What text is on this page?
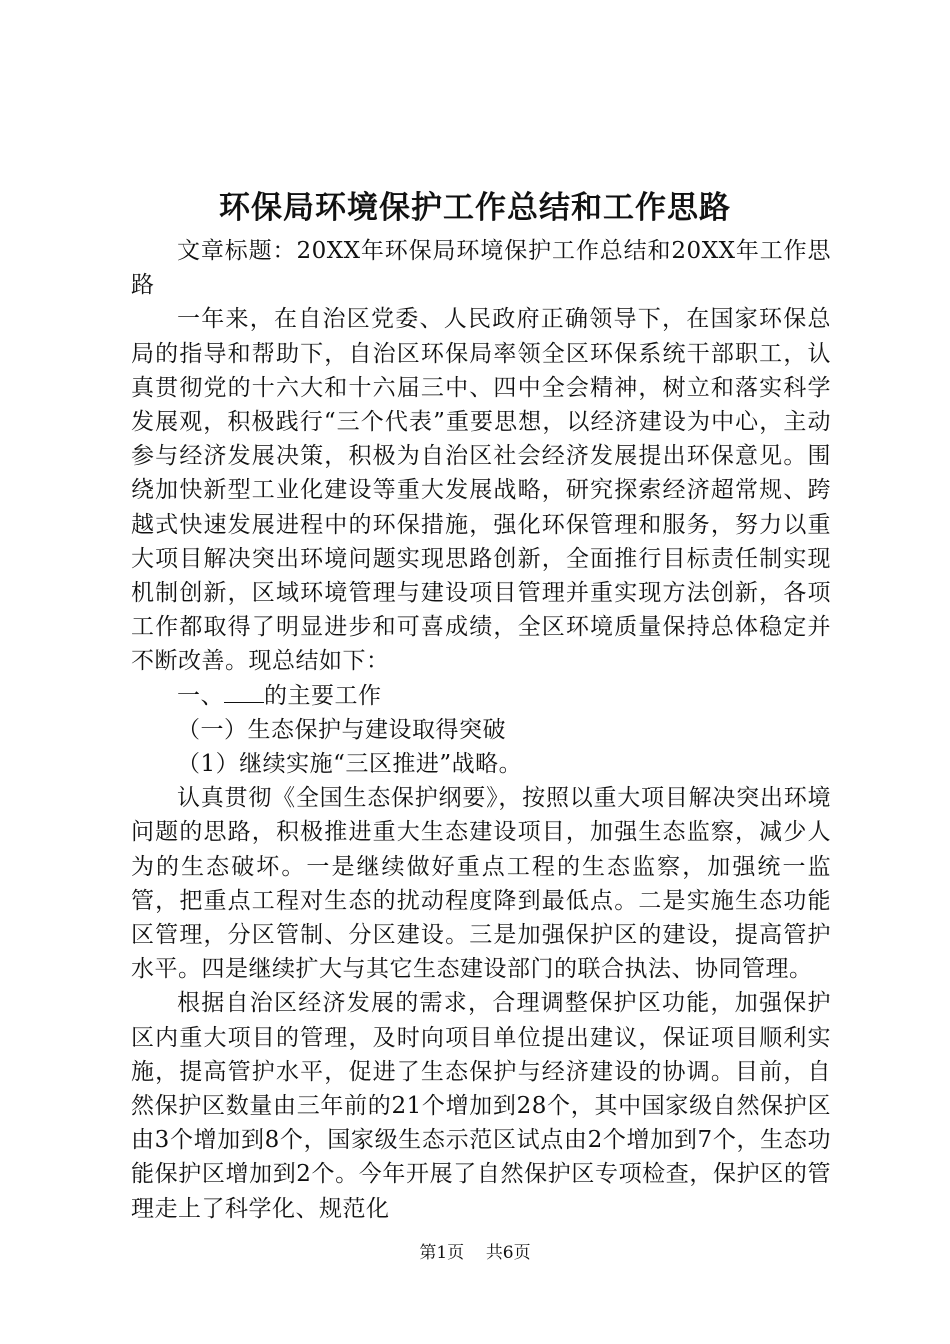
环保局环境保护工作总结和工作思路

文章标题：20XX年环保局环境保护工作总结和20XX年工作思路

一年来，在自治区党委、人民政府正确领导下，在国家环保总局的指导和帮助下，自治区环保局率领全区环保系统干部职工，认真贯彻党的十六大和十六届三中、四中全会精神，树立和落实科学发展观，积极践行“三个代表”重要思想，以经济建设为中心，主动参与经济发展决策，积极为自治区社会经济发展提出环保意见。围绕加快新型工业化建设等重大发展战略，研究探索经济超常规、跨越式快速发展进程中的环保措施，强化环保管理和服务，努力以重大项目解决突出环境问题实现思路创新，全面推行目标责任制实现机制创新，区域环境管理与建设项目管理并重实现方法创新，各项工作都取得了明显进步和可喜成绩，全区环境质量保持总体稳定并不断改善。现总结如下：

一、 的主要工作

（一）生态保护与建设取得突破

（1）继续实施“三区推进”战略。

认真贯彻《全国生态保护纲要》，按照以重大项目解决突出环境问题的思路，积极推进重大生态建设项目，加强生态监察，减少人为的生态破坏。一是继续做好重点工程的生态监察，加强统一监管，把重点工程对生态的扰动程度降到最低点。二是实施生态功能区管理，分区管制、分区建设。三是加强保护区的建设，提高管护水平。四是继续扩大与其它生态建设部门的联合执法、协同管理。

根据自治区经济发展的需求，合理调整保护区功能，加强保护区内重大项目的管理，及时向项目单位提出建议，保证项目顺利实施，提高管护水平，促进了生态保护与经济建设的协调。目前，自然保护区数量由三年前的21个增加到28个，其中国家级自然保护区由3个增加到8个，国家级生态示范区试点由2个增加到7个，生态功能保护区增加到2个。今年开展了自然保护区专项检查，保护区的管理走上了科学化、规范化

第1页 共6页
